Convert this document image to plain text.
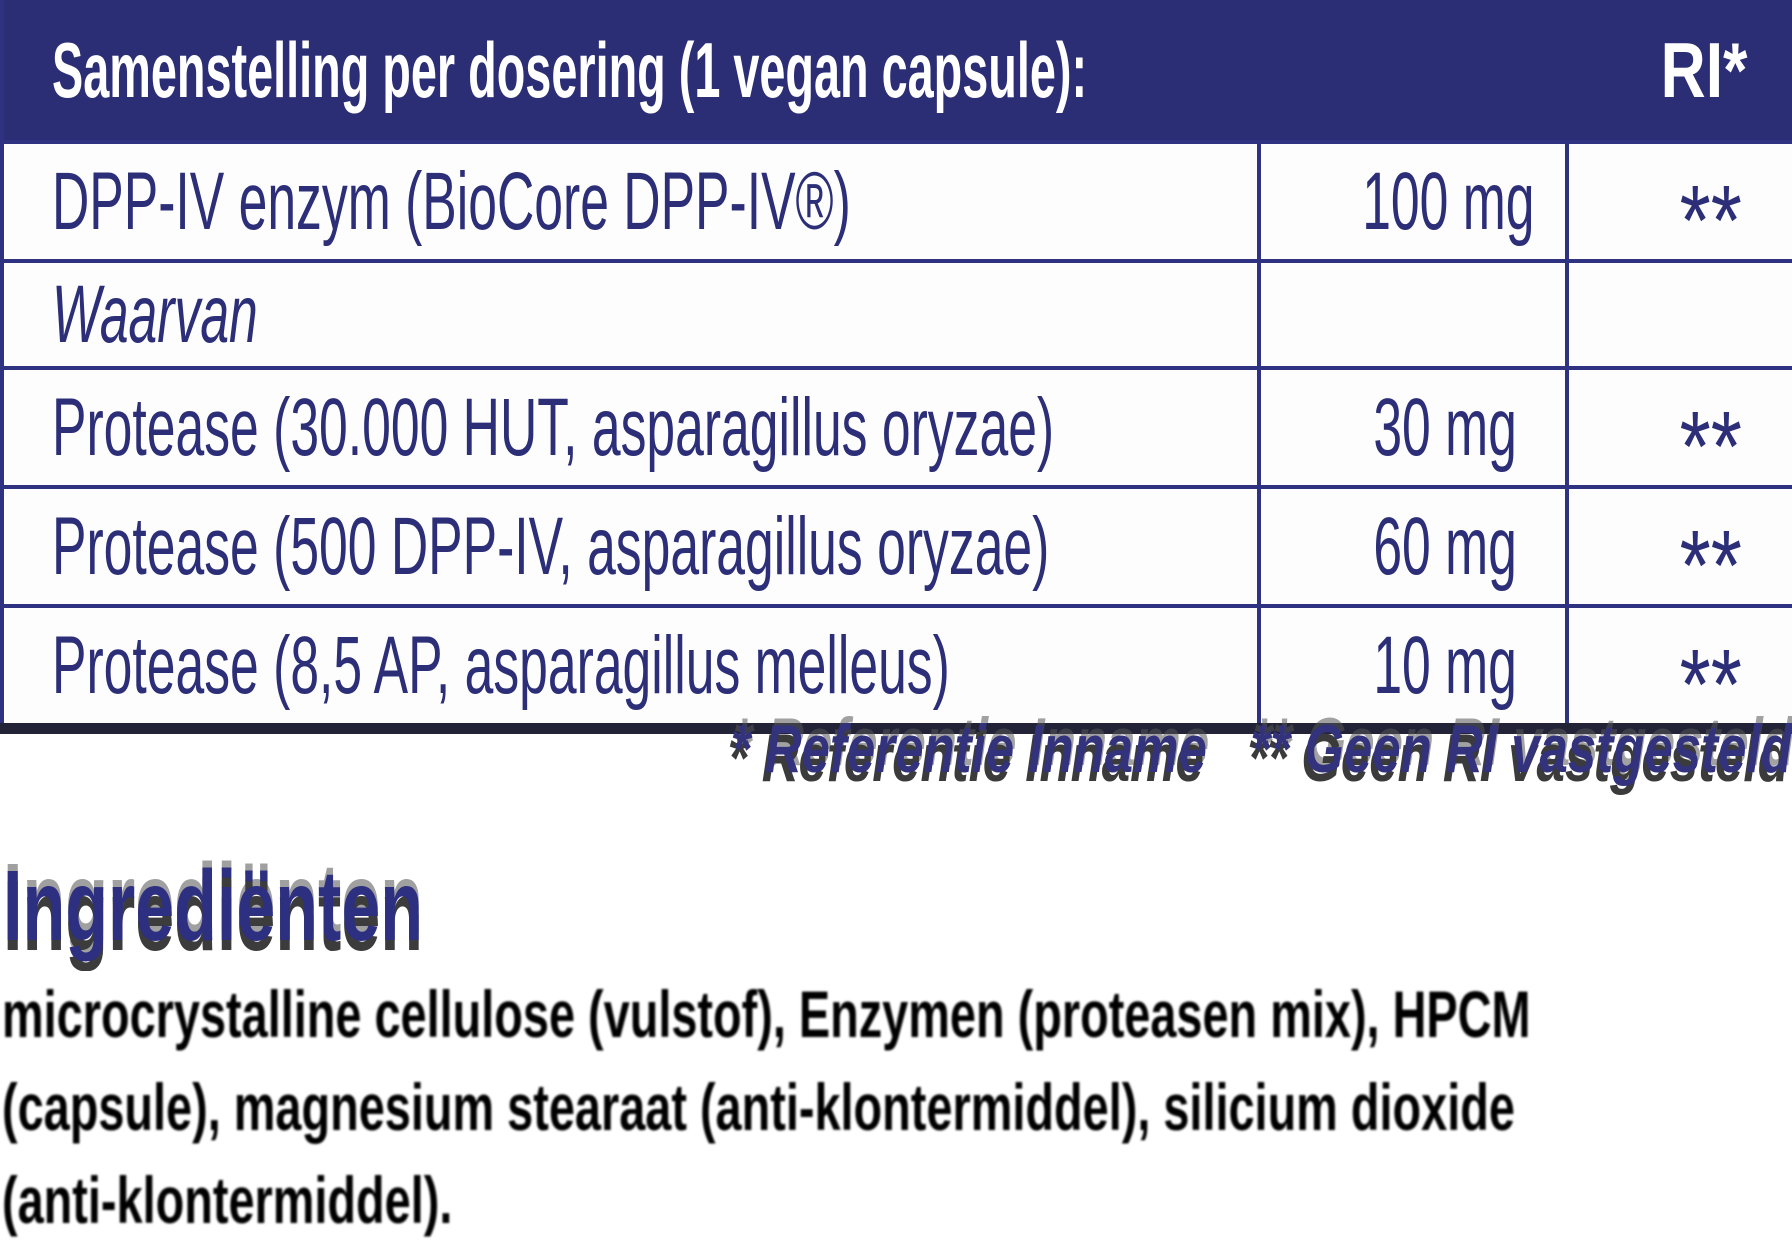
Samenstelling per dosering (1 vegan capsule):		RI*
DPP-IV enzym (BioCore DPP-IV®)	100 mg	**
Waarvan		
Protease (30.000 HUT, asparagillus oryzae)	30 mg	**
Protease (500 DPP-IV, asparagillus oryzae)	60 mg	**
Protease (8,5 AP, asparagillus melleus)	10 mg	**
* Referentie Inname ** Geen RI vastgesteld
Ingrediënten
microcrystalline cellulose (vulstof), Enzymen (proteasen mix), HPCM
(capsule), magnesium stearaat (anti-klontermiddel), silicium dioxide
(anti-klontermiddel).
